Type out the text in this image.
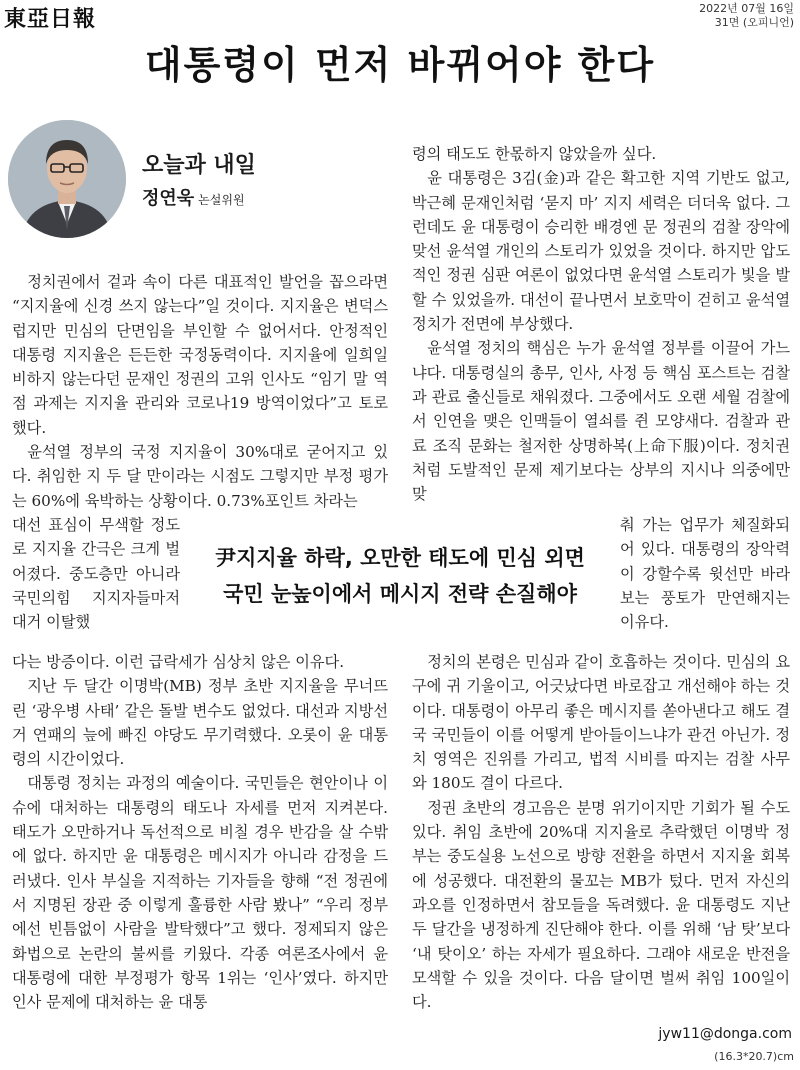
東亞日報	2022년 07월 16일
31면 (오피니언)
대통령이 먼저 바뀌어야 한다
오늘과 내일
정연욱 논설위원

정치권에서 겉과 속이 다른 대표적인 발언을 꼽으라면 “지지율에 신경 쓰지 않는다”일 것이다. 지지율은 변덕스럽지만 민심의 단면임을 부인할 수 없어서다. 안정적인 대통령 지지율은 든든한 국정동력이다. 지지율에 일희일비하지 않는다던 문재인 정권의 고위 인사도 “임기 말 역점 과제는 지지율 관리와 코로나19 방역이었다”고 토로했다.

윤석열 정부의 국정 지지율이 30%대로 굳어지고 있다. 취임한 지 두 달 만이라는 시점도 그렇지만 부정 평가는 60%에 육박하는 상황이다. 0.73%포인트 차라는

대선 표심이 무색할 정도로 지지율 간극은 크게 벌어졌다. 중도층만 아니라 국민의힘 지지자들마저 대거 이탈했

다는 방증이다. 이런 급락세가 심상치 않은 이유다.

지난 두 달간 이명박(MB) 정부 초반 지지율을 무너뜨린 ‘광우병 사태’ 같은 돌발 변수도 없었다. 대선과 지방선거 연패의 늪에 빠진 야당도 무기력했다. 오롯이 윤 대통령의 시간이었다.

대통령 정치는 과정의 예술이다. 국민들은 현안이나 이슈에 대처하는 대통령의 태도나 자세를 먼저 지켜본다. 태도가 오만하거나 독선적으로 비칠 경우 반감을 살 수밖에 없다. 하지만 윤 대통령은 메시지가 아니라 감정을 드러냈다. 인사 부실을 지적하는 기자들을 향해 “전 정권에서 지명된 장관 중 이렇게 훌륭한 사람 봤나” “우리 정부에선 빈틈없이 사람을 발탁했다”고 했다. 정제되지 않은 화법으로 논란의 불씨를 키웠다. 각종 여론조사에서 윤 대통령에 대한 부정평가 항목 1위는 ‘인사’였다. 하지만 인사 문제에 대처하는 윤 대통

령의 태도도 한몫하지 않았을까 싶다.

윤 대통령은 3김(金)과 같은 확고한 지역 기반도 없고, 박근혜 문재인처럼 ‘묻지 마’ 지지 세력은 더더욱 없다. 그런데도 윤 대통령이 승리한 배경엔 문 정권의 검찰 장악에 맞선 윤석열 개인의 스토리가 있었을 것이다. 하지만 압도적인 정권 심판 여론이 없었다면 윤석열 스토리가 빛을 발할 수 있었을까. 대선이 끝나면서 보호막이 걷히고 윤석열 정치가 전면에 부상했다.

윤석열 정치의 핵심은 누가 윤석열 정부를 이끌어 가느냐다. 대통령실의 총무, 인사, 사정 등 핵심 포스트는 검찰과 관료 출신들로 채워졌다. 그중에서도 오랜 세월 검찰에서 인연을 맺은 인맥들이 열쇠를 쥔 모양새다. 검찰과 관료 조직 문화는 철저한 상명하복(上命下服)이다. 정치권처럼 도발적인 문제 제기보다는 상부의 지시나 의중에만 맞

춰 가는 업무가 체질화되어 있다. 대통령의 장악력이 강할수록 윗선만 바라보는 풍토가 만연해지는 이유다.

정치의 본령은 민심과 같이 호흡하는 것이다. 민심의 요구에 귀 기울이고, 어긋났다면 바로잡고 개선해야 하는 것이다. 대통령이 아무리 좋은 메시지를 쏟아낸다고 해도 결국 국민들이 이를 어떻게 받아들이느냐가 관건 아닌가. 정치 영역은 진위를 가리고, 법적 시비를 따지는 검찰 사무와 180도 결이 다르다.

정권 초반의 경고음은 분명 위기이지만 기회가 될 수도 있다. 취임 초반에 20%대 지지율로 추락했던 이명박 정부는 중도실용 노선으로 방향 전환을 하면서 지지율 회복에 성공했다. 대전환의 물꼬는 MB가 텄다. 먼저 자신의 과오를 인정하면서 참모들을 독려했다. 윤 대통령도 지난 두 달간을 냉정하게 진단해야 한다. 이를 위해 ‘남 탓’보다 ‘내 탓이오’ 하는 자세가 필요하다. 그래야 새로운 반전을 모색할 수 있을 것이다. 다음 달이면 벌써 취임 100일이다.

尹지지율 하락, 오만한 태도에 민심 외면
국민 눈높이에서 메시지 전략 손질해야
jyw11@donga.com
(16.3*20.7)cm
